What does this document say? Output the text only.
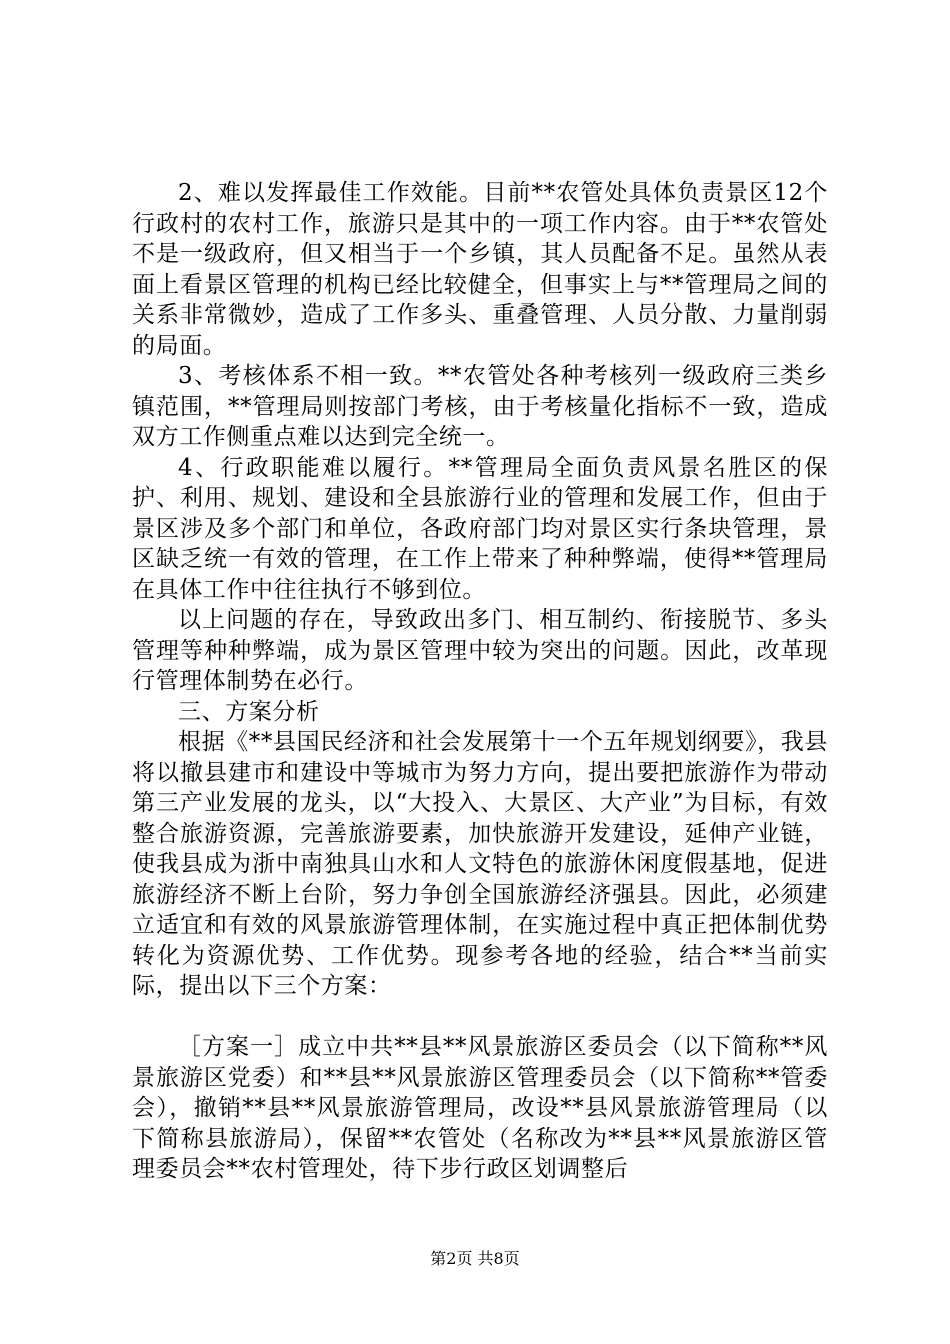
2、难以发挥最佳工作效能。目前**农管处具体负责景区12个行政村的农村工作，旅游只是其中的一项工作内容。由于**农管处不是一级政府，但又相当于一个乡镇，其人员配备不足。虽然从表面上看景区管理的机构已经比较健全，但事实上与**管理局之间的关系非常微妙，造成了工作多头、重叠管理、人员分散、力量削弱的局面。

3、考核体系不相一致。**农管处各种考核列一级政府三类乡镇范围，**管理局则按部门考核，由于考核量化指标不一致，造成双方工作侧重点难以达到完全统一。

4、行政职能难以履行。**管理局全面负责风景名胜区的保护、利用、规划、建设和全县旅游行业的管理和发展工作，但由于景区涉及多个部门和单位，各政府部门均对景区实行条块管理，景区缺乏统一有效的管理，在工作上带来了种种弊端，使得**管理局在具体工作中往往执行不够到位。

以上问题的存在，导致政出多门、相互制约、衔接脱节、多头管理等种种弊端，成为景区管理中较为突出的问题。因此，改革现行管理体制势在必行。

三、方案分析

根据《**县国民经济和社会发展第十一个五年规划纲要》，我县将以撤县建市和建设中等城市为努力方向，提出要把旅游作为带动第三产业发展的龙头，以“大投入、大景区、大产业”为目标，有效整合旅游资源，完善旅游要素，加快旅游开发建设，延伸产业链，使我县成为浙中南独具山水和人文特色的旅游休闲度假基地，促进旅游经济不断上台阶，努力争创全国旅游经济强县。因此，必须建立适宜和有效的风景旅游管理体制，在实施过程中真正把体制优势转化为资源优势、工作优势。现参考各地的经验，结合**当前实际，提出以下三个方案：

［方案一］成立中共**县**风景旅游区委员会（以下简称**风景旅游区党委）和**县**风景旅游区管理委员会（以下简称**管委会），撤销**县**风景旅游管理局，改设**县风景旅游管理局（以下简称县旅游局），保留**农管处（名称改为**县**风景旅游区管理委员会**农村管理处，待下步行政区划调整后

第2页 共8页
